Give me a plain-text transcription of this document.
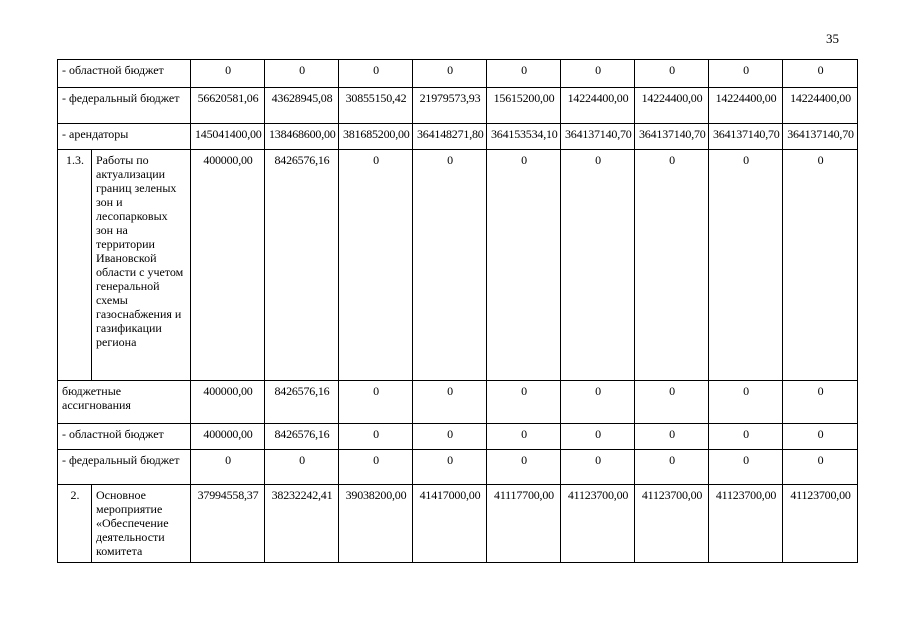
35
- областной бюджет		0	0	0	0	0	0	0	0	0
- федеральный бюджет		56620581,06	43628945,08	30855150,42	21979573,93	15615200,00	14224400,00	14224400,00	14224400,00	14224400,00
- арендаторы		145041400,00	138468600,00	381685200,00	364148271,80	364153534,10	364137140,70	364137140,70	364137140,70	364137140,70
1.3.	Работы по актуализации границ зеленых зон и лесопарковых зон на территории Ивановской области с учетом генеральной схемы газоснабжения и газификации региона	400000,00	8426576,16	0	0	0	0	0	0	0
бюджетные ассигнования		400000,00	8426576,16	0	0	0	0	0	0	0
- областной бюджет		400000,00	8426576,16	0	0	0	0	0	0	0
- федеральный бюджет		0	0	0	0	0	0	0	0	0
2.	Основное мероприятие «Обеспечение деятельности комитета	37994558,37	38232242,41	39038200,00	41417000,00	41117700,00	41123700,00	41123700,00	41123700,00	41123700,00
